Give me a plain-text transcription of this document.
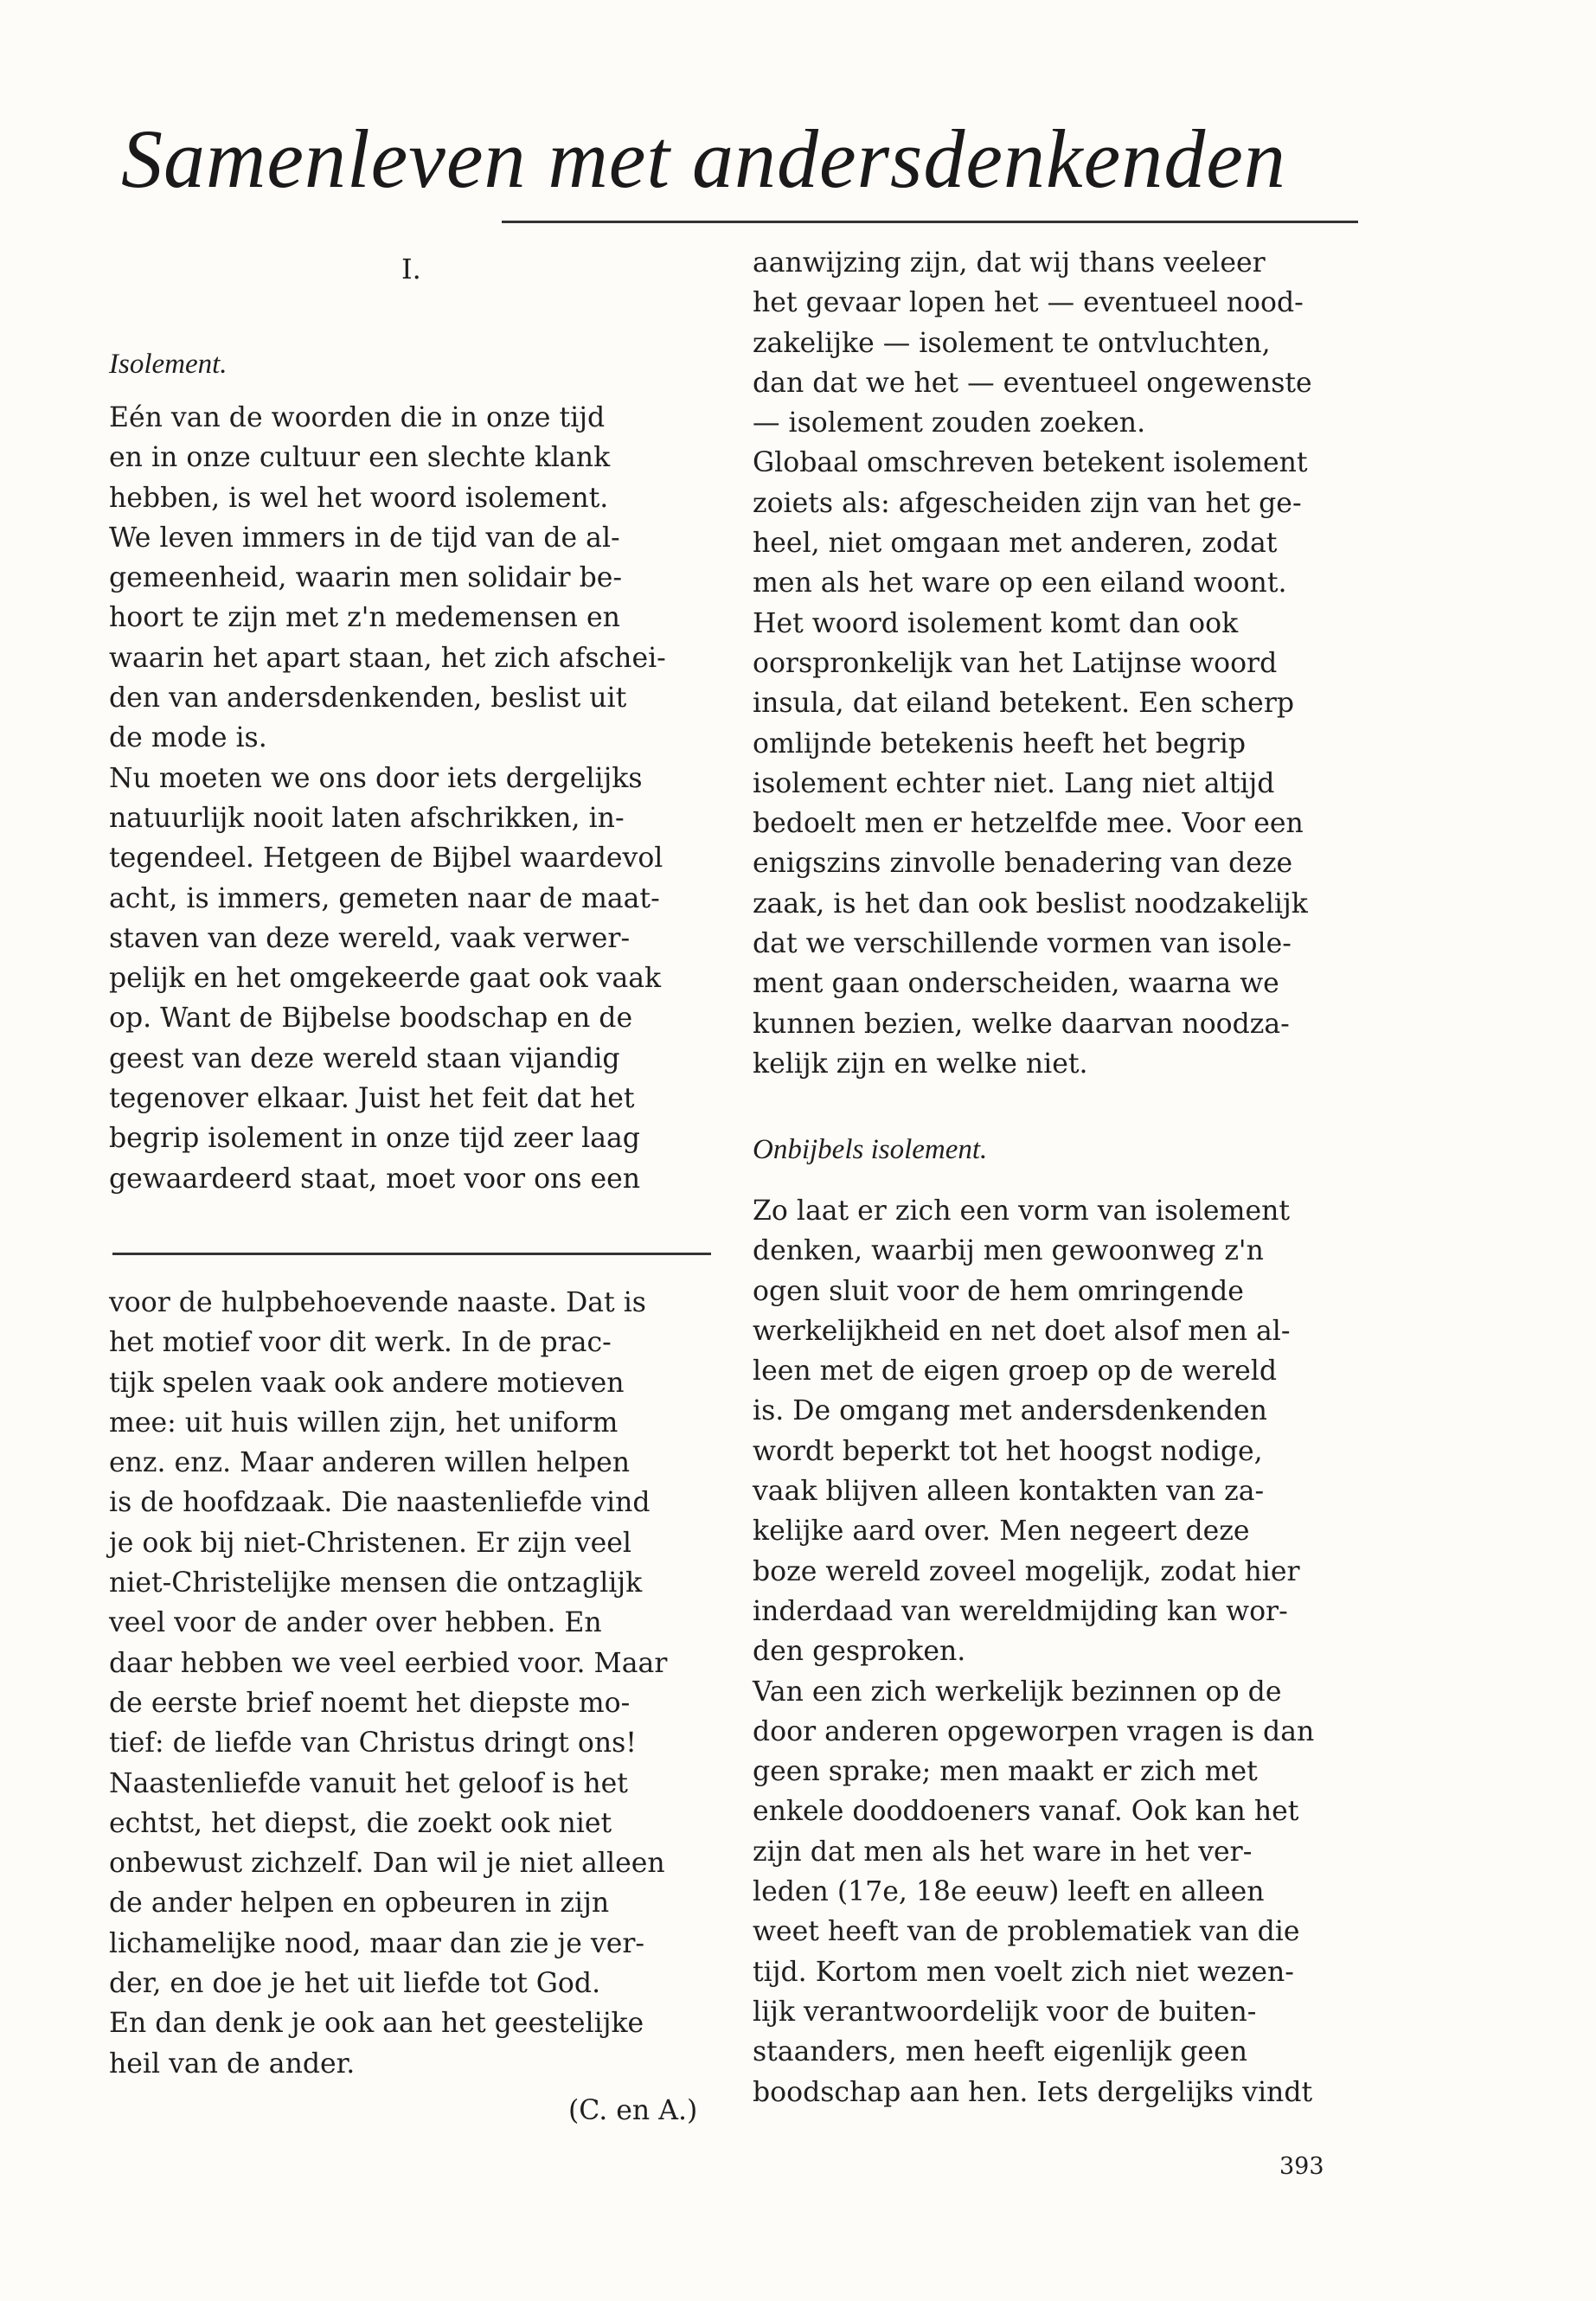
Samenleven met andersdenkenden
I.
Isolement.

Eén van de woorden die in onze tijd

en in onze cultuur een slechte klank

hebben, is wel het woord isolement.

We leven immers in de tijd van de al-

gemeenheid, waarin men solidair be-

hoort te zijn met z'n medemensen en

waarin het apart staan, het zich afschei-

den van andersdenkenden, beslist uit

de mode is.

Nu moeten we ons door iets dergelijks

natuurlijk nooit laten afschrikken, in-

tegendeel. Hetgeen de Bijbel waardevol

acht, is immers, gemeten naar de maat-

staven van deze wereld, vaak verwer-

pelijk en het omgekeerde gaat ook vaak

op. Want de Bijbelse boodschap en de

geest van deze wereld staan vijandig

tegenover elkaar. Juist het feit dat het

begrip isolement in onze tijd zeer laag

gewaardeerd staat, moet voor ons een

voor de hulpbehoevende naaste. Dat is

het motief voor dit werk. In de prac-

tijk spelen vaak ook andere motieven

mee: uit huis willen zijn, het uniform

enz. enz. Maar anderen willen helpen

is de hoofdzaak. Die naastenliefde vind

je ook bij niet-Christenen. Er zijn veel

niet-Christelijke mensen die ontzaglijk

veel voor de ander over hebben. En

daar hebben we veel eerbied voor. Maar

de eerste brief noemt het diepste mo-

tief: de liefde van Christus dringt ons!

Naastenliefde vanuit het geloof is het

echtst, het diepst, die zoekt ook niet

onbewust zichzelf. Dan wil je niet alleen

de ander helpen en opbeuren in zijn

lichamelijke nood, maar dan zie je ver-

der, en doe je het uit liefde tot God.

En dan denk je ook aan het geestelijke

heil van de ander.

(C. en A.)

aanwijzing zijn, dat wij thans veeleer

het gevaar lopen het — eventueel nood-

zakelijke — isolement te ontvluchten,

dan dat we het — eventueel ongewenste

— isolement zouden zoeken.

Globaal omschreven betekent isolement

zoiets als: afgescheiden zijn van het ge-

heel, niet omgaan met anderen, zodat

men als het ware op een eiland woont.

Het woord isolement komt dan ook

oorspronkelijk van het Latijnse woord

insula, dat eiland betekent. Een scherp

omlijnde betekenis heeft het begrip

isolement echter niet. Lang niet altijd

bedoelt men er hetzelfde mee. Voor een

enigszins zinvolle benadering van deze

zaak, is het dan ook beslist noodzakelijk

dat we verschillende vormen van isole-

ment gaan onderscheiden, waarna we

kunnen bezien, welke daarvan noodza-

kelijk zijn en welke niet.

Onbijbels isolement.

Zo laat er zich een vorm van isolement

denken, waarbij men gewoonweg z'n

ogen sluit voor de hem omringende

werkelijkheid en net doet alsof men al-

leen met de eigen groep op de wereld

is. De omgang met andersdenkenden

wordt beperkt tot het hoogst nodige,

vaak blijven alleen kontakten van za-

kelijke aard over. Men negeert deze

boze wereld zoveel mogelijk, zodat hier

inderdaad van wereldmijding kan wor-

den gesproken.

Van een zich werkelijk bezinnen op de

door anderen opgeworpen vragen is dan

geen sprake; men maakt er zich met

enkele dooddoeners vanaf. Ook kan het

zijn dat men als het ware in het ver-

leden (17e, 18e eeuw) leeft en alleen

weet heeft van de problematiek van die

tijd. Kortom men voelt zich niet wezen-

lijk verantwoordelijk voor de buiten-

staanders, men heeft eigenlijk geen

boodschap aan hen. Iets dergelijks vindt

393
